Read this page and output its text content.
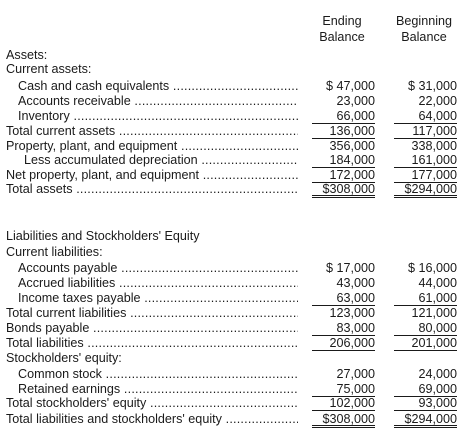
Ending
Balance
Beginning
Balance
Assets:
Current assets:
Cash and cash equivalents .....	$ 47,000	$ 31,000
Accounts receivable .....	23,000	22,000
Inventory .....	66,000	64,000
Total current assets .....	136,000	117,000
Property, plant, and equipment .....	356,000	338,000
Less accumulated depreciation .....	184,000	161,000
Net property, plant, and equipment .....	172,000	177,000
Total assets .....	$308,000	$294,000
Liabilities and Stockholders' Equity
Current liabilities:
Accounts payable .....	$ 17,000	$ 16,000
Accrued liabilities .....	43,000	44,000
Income taxes payable .....	63,000	61,000
Total current liabilities .....	123,000	121,000
Bonds payable .....	83,000	80,000
Total liabilities .....	206,000	201,000
Stockholders' equity:
Common stock .....	27,000	24,000
Retained earnings .....	75,000	69,000
Total stockholders' equity .....	102,000	93,000
Total liabilities and stockholders' equity .....	$308,000	$294,000
